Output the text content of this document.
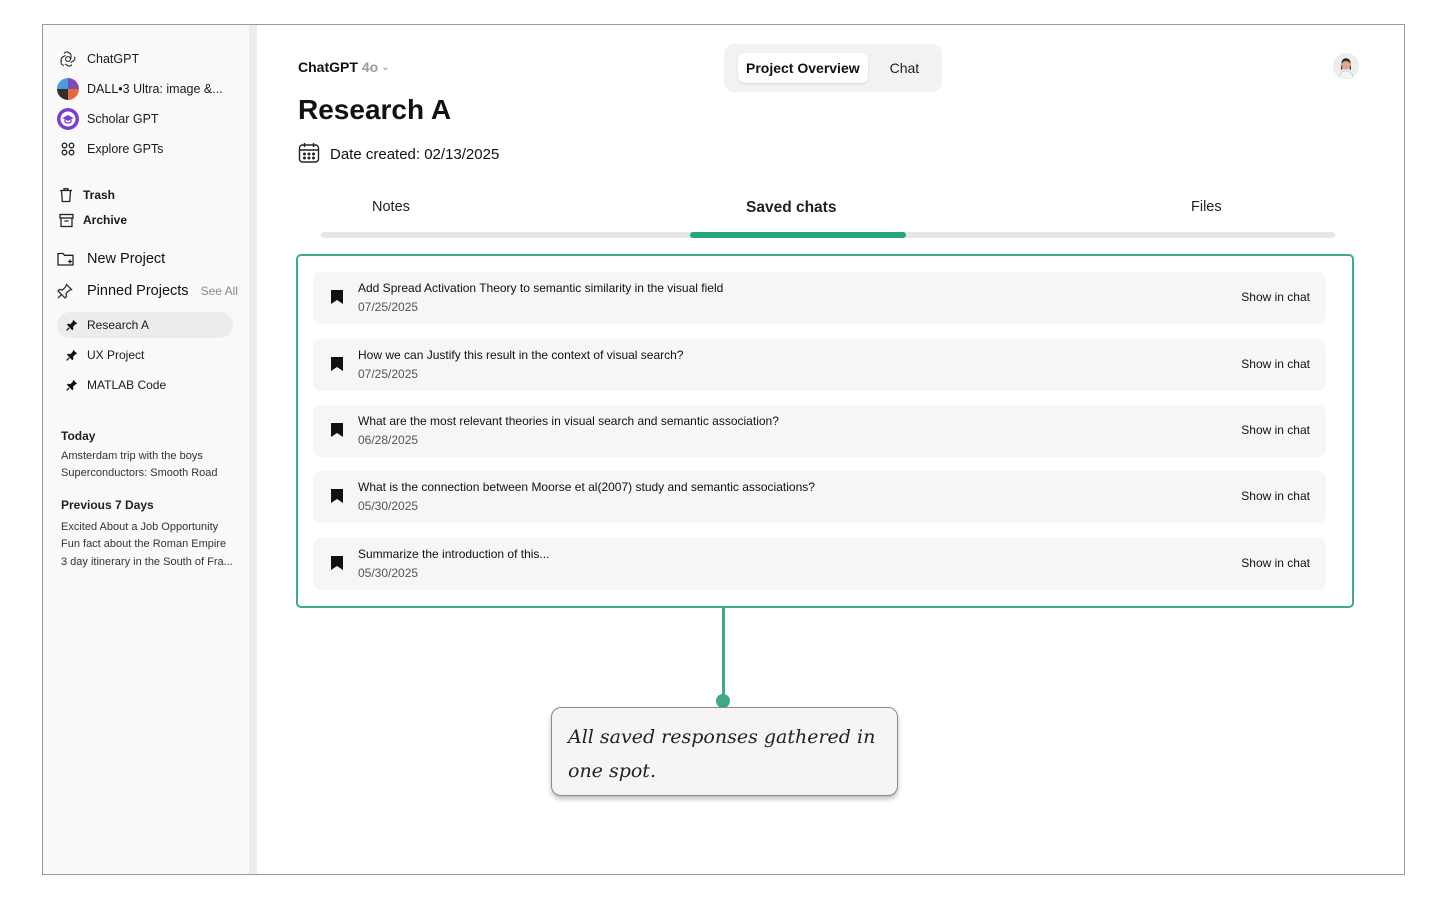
ChatGPT
DALL•3 Ultra: image &...
Scholar GPT
Explore GPTs
Trash
Archive
New Project
Pinned Projects See All
Research A
UX Project
MATLAB Code
Today
Amsterdam trip with the boys
Superconductors: Smooth Road
Previous 7 Days
Excited About a Job Opportunity
Fun fact about the Roman Empire
3 day itinerary in the South of Fra...
ChatGPT 4o ⌄	Project Overview	Chat
Research A
Date created: 02/13/2025
Notes	Saved chats	Files
Add Spread Activation Theory to semantic similarity in the visual field
07/25/2025
Show in chat
How we can Justify this result in the context of visual search?
07/25/2025
Show in chat
What are the most relevant theories in visual search and semantic association?
06/28/2025
Show in chat
What is the connection between Moorse et al(2007) study and semantic associations?
05/30/2025
Show in chat
Summarize the introduction of this...
05/30/2025
Show in chat
All saved responses gathered in one spot.
